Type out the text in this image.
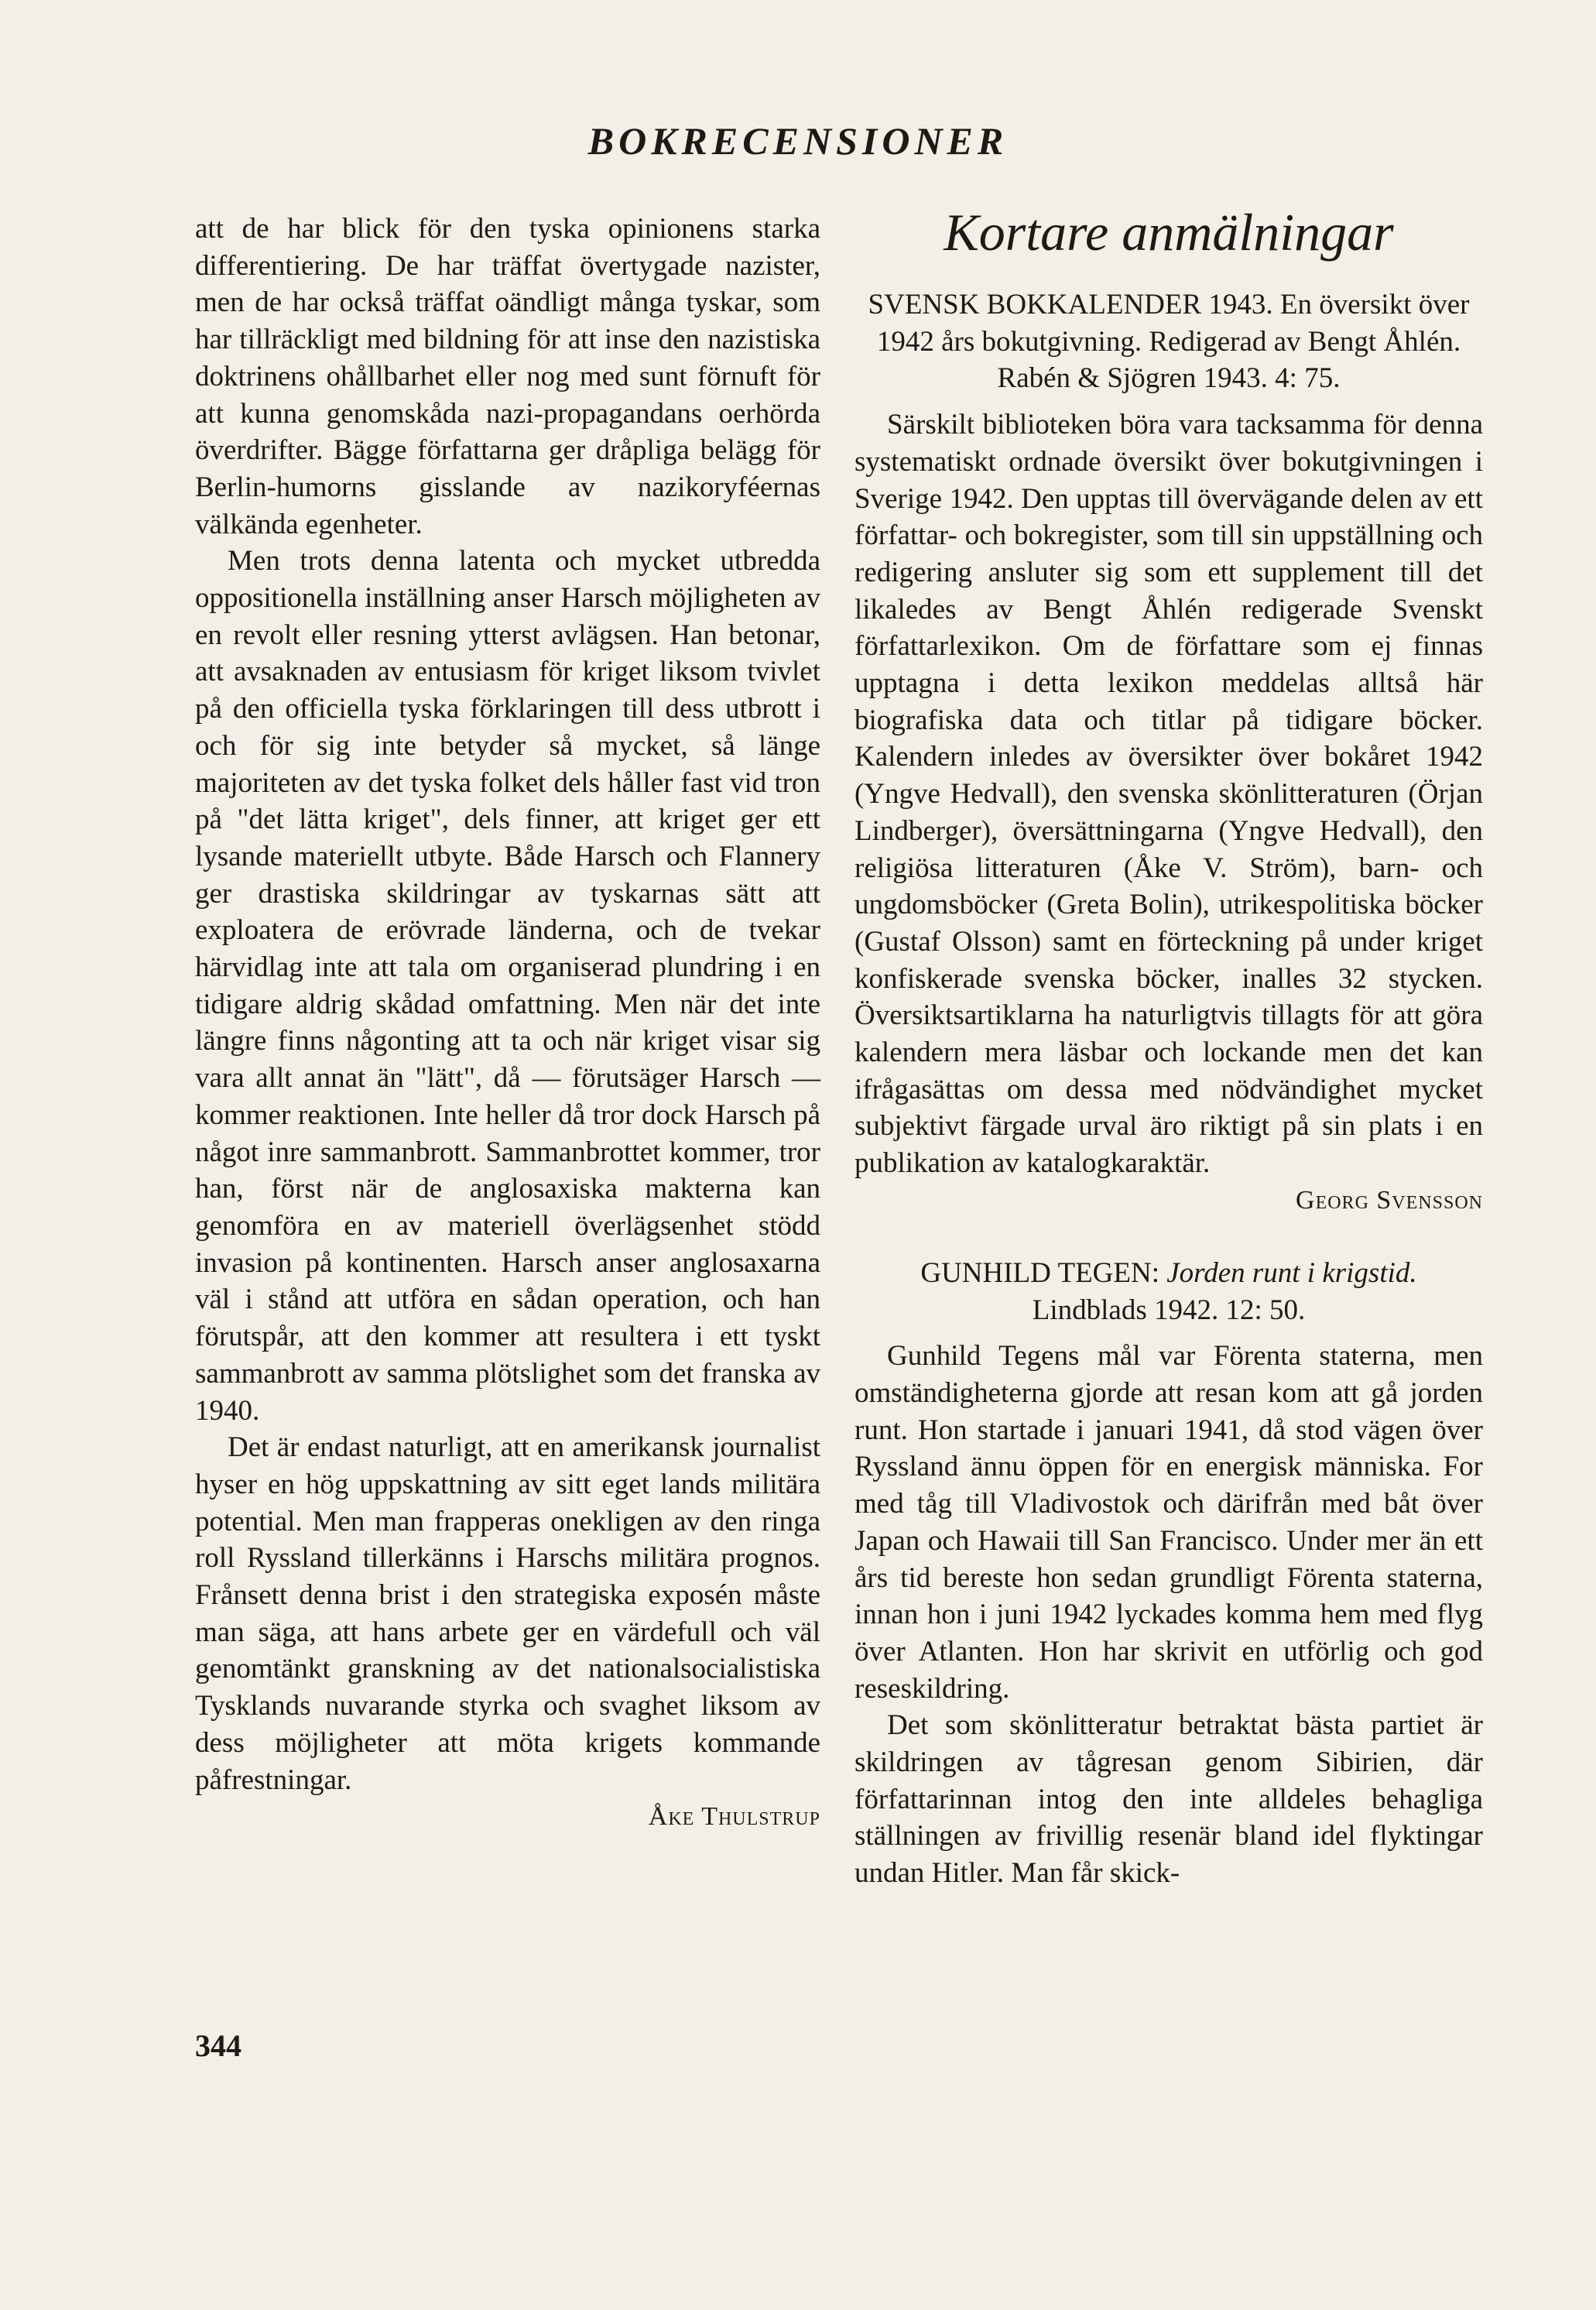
BOKRECENSIONER

att de har blick för den tyska opinionens starka differentiering. De har träffat övertygade nazister, men de har också träffat oändligt många tyskar, som har tillräckligt med bildning för att inse den nazistiska doktrinens ohållbarhet eller nog med sunt förnuft för att kunna genomskåda nazi-propagandans oerhörda överdrifter. Bägge författarna ger dråpliga belägg för Berlin-humorns gisslande av nazikoryféernas välkända egenheter.

Men trots denna latenta och mycket utbredda oppositionella inställning anser Harsch möjligheten av en revolt eller resning ytterst avlägsen. Han betonar, att avsaknaden av entusiasm för kriget liksom tvivlet på den officiella tyska förklaringen till dess utbrott i och för sig inte betyder så mycket, så länge majoriteten av det tyska folket dels håller fast vid tron på "det lätta kriget", dels finner, att kriget ger ett lysande materiellt utbyte. Både Harsch och Flannery ger drastiska skildringar av tyskarnas sätt att exploatera de erövrade länderna, och de tvekar härvidlag inte att tala om organiserad plundring i en tidigare aldrig skådad omfattning. Men när det inte längre finns någonting att ta och när kriget visar sig vara allt annat än "lätt", då — förutsäger Harsch — kommer reaktionen. Inte heller då tror dock Harsch på något inre sammanbrott. Sammanbrottet kommer, tror han, först när de anglosaxiska makterna kan genomföra en av materiell överlägsenhet stödd invasion på kontinenten. Harsch anser anglosaxarna väl i stånd att utföra en sådan operation, och han förutspår, att den kommer att resultera i ett tyskt sammanbrott av samma plötslighet som det franska av 1940.

Det är endast naturligt, att en amerikansk journalist hyser en hög uppskattning av sitt eget lands militära potential. Men man frapperas onekligen av den ringa roll Ryssland tillerkänns i Harschs militära prognos. Frånsett denna brist i den strategiska exposén måste man säga, att hans arbete ger en värdefull och väl genomtänkt granskning av det nationalsocialistiska Tysklands nuvarande styrka och svaghet liksom av dess möjligheter att möta krigets kommande påfrestningar.

Åke Thulstrup
Kortare anmälningar
SVENSK BOKKALENDER 1943. En översikt över 1942 års bokutgivning. Redigerad av Bengt Åhlén. Rabén & Sjögren 1943. 4: 75.

Särskilt biblioteken böra vara tacksamma för denna systematiskt ordnade översikt över bokutgivningen i Sverige 1942. Den upptas till övervägande delen av ett författar- och bokregister, som till sin uppställning och redigering ansluter sig som ett supplement till det likaledes av Bengt Åhlén redigerade Svenskt författarlexikon. Om de författare som ej finnas upptagna i detta lexikon meddelas alltså här biografiska data och titlar på tidigare böcker. Kalendern inledes av översikter över bokåret 1942 (Yngve Hedvall), den svenska skönlitteraturen (Örjan Lindberger), översättningarna (Yngve Hedvall), den religiösa litteraturen (Åke V. Ström), barn- och ungdomsböcker (Greta Bolin), utrikespolitiska böcker (Gustaf Olsson) samt en förteckning på under kriget konfiskerade svenska böcker, inalles 32 stycken. Översiktsartiklarna ha naturligtvis tillagts för att göra kalendern mera läsbar och lockande men det kan ifrågasättas om dessa med nödvändighet mycket subjektivt färgade urval äro riktigt på sin plats i en publikation av katalogkaraktär.

Georg Svensson
GUNHILD TEGEN: Jorden runt i krigstid.
Lindblads 1942. 12: 50.

Gunhild Tegens mål var Förenta staterna, men omständigheterna gjorde att resan kom att gå jorden runt. Hon startade i januari 1941, då stod vägen över Ryssland ännu öppen för en energisk människa. For med tåg till Vladivostok och därifrån med båt över Japan och Hawaii till San Francisco. Under mer än ett års tid bereste hon sedan grundligt Förenta staterna, innan hon i juni 1942 lyckades komma hem med flyg över Atlanten. Hon har skrivit en utförlig och god reseskildring.

Det som skönlitteratur betraktat bästa partiet är skildringen av tågresan genom Sibirien, där författarinnan intog den inte alldeles behagliga ställningen av frivillig resenär bland idel flyktingar undan Hitler. Man får skick-

344
